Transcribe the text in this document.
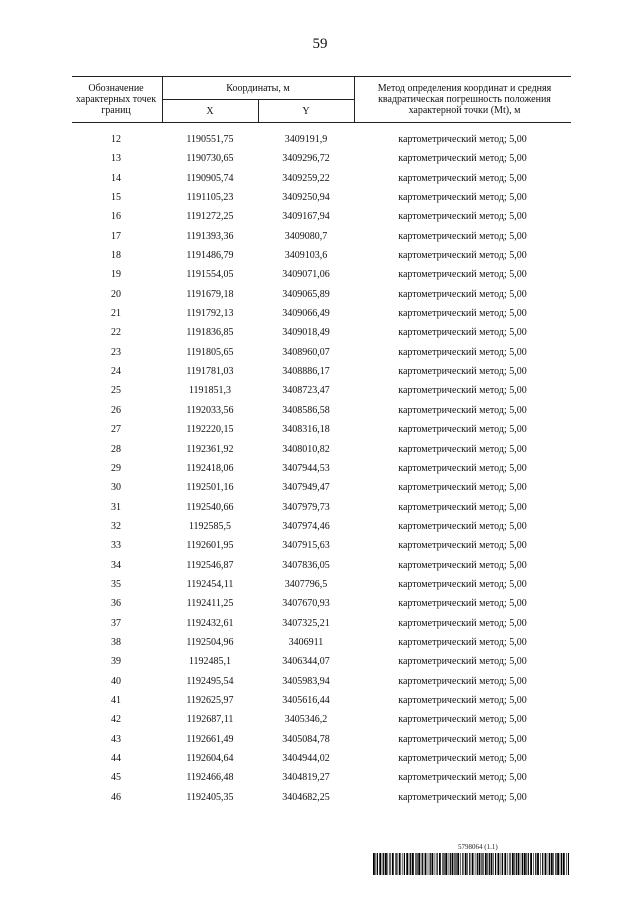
59
Обозначение характерных точек границ
Координаты, м
X	Y
Метод определения координат и средняя квадратическая погрешность положения характерной точки (Mt), м
12	1190551,75	3409191,9	картометрический метод; 5,00
13	1190730,65	3409296,72	картометрический метод; 5,00
14	1190905,74	3409259,22	картометрический метод; 5,00
15	1191105,23	3409250,94	картометрический метод; 5,00
16	1191272,25	3409167,94	картометрический метод; 5,00
17	1191393,36	3409080,7	картометрический метод; 5,00
18	1191486,79	3409103,6	картометрический метод; 5,00
19	1191554,05	3409071,06	картометрический метод; 5,00
20	1191679,18	3409065,89	картометрический метод; 5,00
21	1191792,13	3409066,49	картометрический метод; 5,00
22	1191836,85	3409018,49	картометрический метод; 5,00
23	1191805,65	3408960,07	картометрический метод; 5,00
24	1191781,03	3408886,17	картометрический метод; 5,00
25	1191851,3	3408723,47	картометрический метод; 5,00
26	1192033,56	3408586,58	картометрический метод; 5,00
27	1192220,15	3408316,18	картометрический метод; 5,00
28	1192361,92	3408010,82	картометрический метод; 5,00
29	1192418,06	3407944,53	картометрический метод; 5,00
30	1192501,16	3407949,47	картометрический метод; 5,00
31	1192540,66	3407979,73	картометрический метод; 5,00
32	1192585,5	3407974,46	картометрический метод; 5,00
33	1192601,95	3407915,63	картометрический метод; 5,00
34	1192546,87	3407836,05	картометрический метод; 5,00
35	1192454,11	3407796,5	картометрический метод; 5,00
36	1192411,25	3407670,93	картометрический метод; 5,00
37	1192432,61	3407325,21	картометрический метод; 5,00
38	1192504,96	3406911	картометрический метод; 5,00
39	1192485,1	3406344,07	картометрический метод; 5,00
40	1192495,54	3405983,94	картометрический метод; 5,00
41	1192625,97	3405616,44	картометрический метод; 5,00
42	1192687,11	3405346,2	картометрический метод; 5,00
43	1192661,49	3405084,78	картометрический метод; 5,00
44	1192604,64	3404944,02	картометрический метод; 5,00
45	1192466,48	3404819,27	картометрический метод; 5,00
46	1192405,35	3404682,25	картометрический метод; 5,00
5798064 (1.1)
